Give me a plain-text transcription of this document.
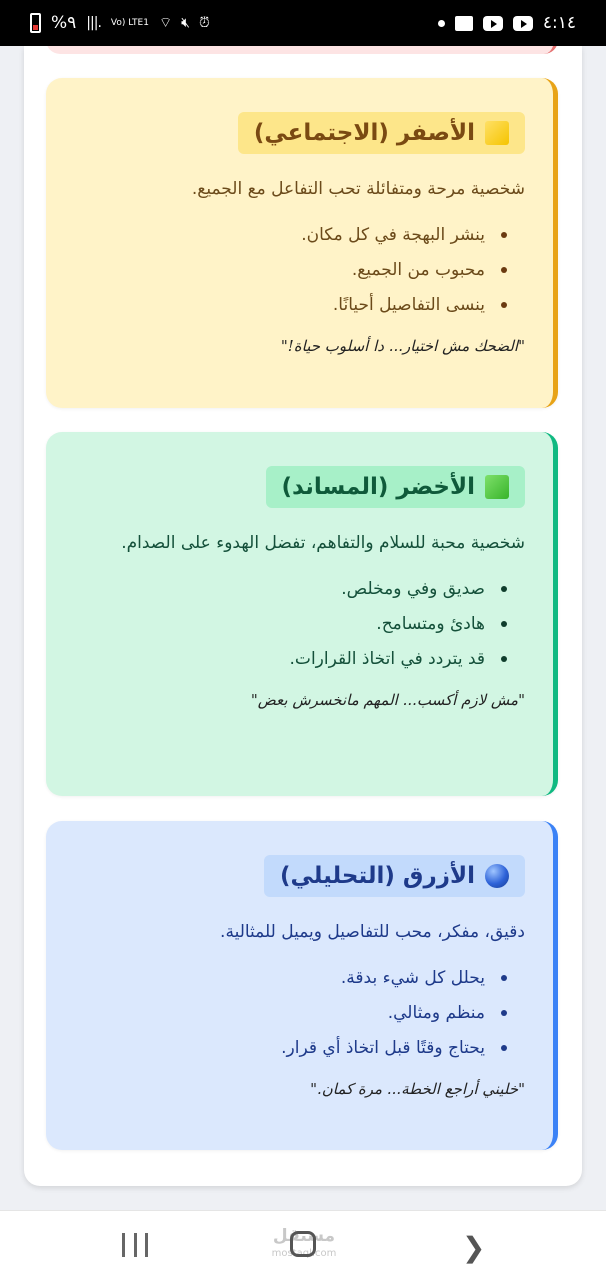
%٩ |||. Vo) LTE1 ⌔ 🔇︎ ⏰︎	٤:١٤
الأصفر (الاجتماعي)

شخصية مرحة ومتفائلة تحب التفاعل مع الجميع.

ينشر البهجة في كل مكان.
محبوب من الجميع.
ينسى التفاصيل أحيانًا.

"الضحك مش اختيار... دا أسلوب حياة!"

الأخضر (المساند)

شخصية محبة للسلام والتفاهم، تفضل الهدوء على الصدام.

صديق وفي ومخلص.
هادئ ومتسامح.
قد يتردد في اتخاذ القرارات.

"مش لازم أكسب... المهم مانخسرش بعض"

الأزرق (التحليلي)

دقيق، مفكر، محب للتفاصيل ويميل للمثالية.

يحلل كل شيء بدقة.
منظم ومثالي.
يحتاج وقتًا قبل اتخاذ أي قرار.

"خليني أراجع الخطة... مرة كمان."

مستقل
mostaql.com	❯
